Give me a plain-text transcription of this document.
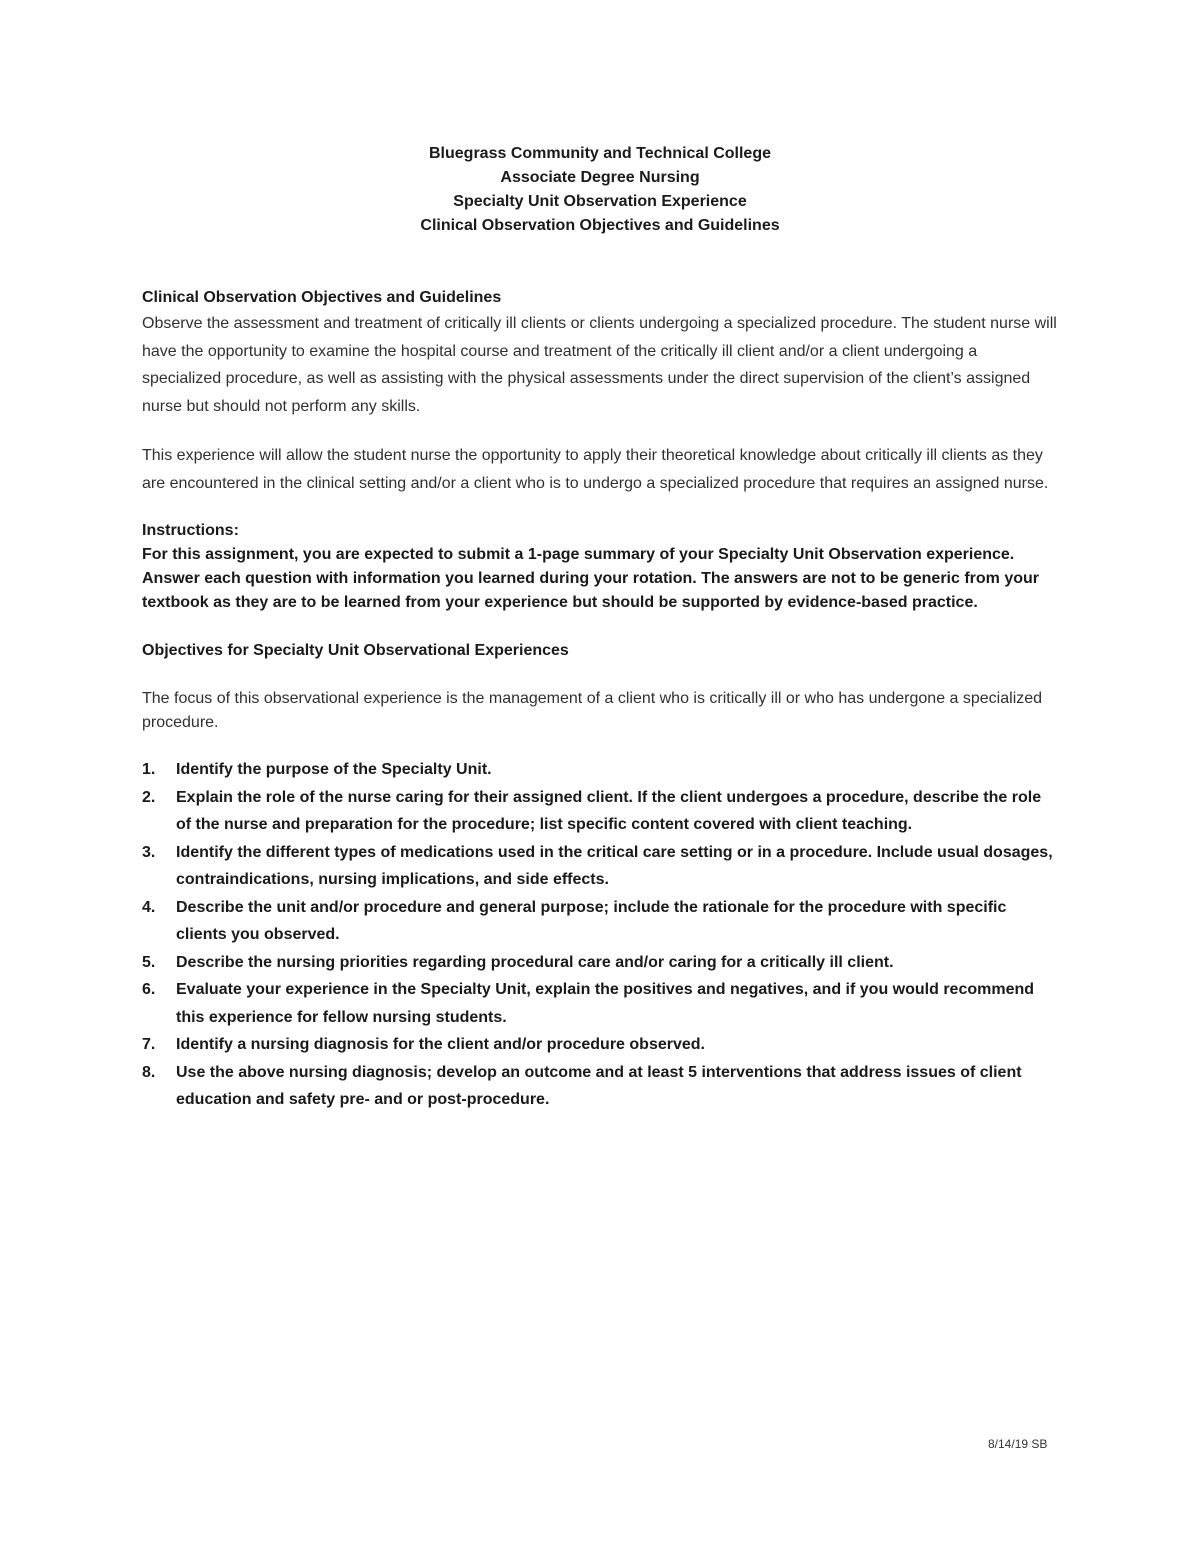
Bluegrass Community and Technical College
Associate Degree Nursing
Specialty Unit Observation Experience
Clinical Observation Objectives and Guidelines

Clinical Observation Objectives and Guidelines

Observe the assessment and treatment of critically ill clients or clients undergoing a specialized procedure. The student nurse will have the opportunity to examine the hospital course and treatment of the critically ill client and/or a client undergoing a specialized procedure, as well as assisting with the physical assessments under the direct supervision of the client’s assigned nurse but should not perform any skills.

This experience will allow the student nurse the opportunity to apply their theoretical knowledge about critically ill clients as they are encountered in the clinical setting and/or a client who is to undergo a specialized procedure that requires an assigned nurse.

Instructions:

For this assignment, you are expected to submit a 1-page summary of your Specialty Unit Observation experience. Answer each question with information you learned during your rotation. The answers are not to be generic from your textbook as they are to be learned from your experience but should be supported by evidence-based practice.

Objectives for Specialty Unit Observational Experiences

The focus of this observational experience is the management of a client who is critically ill or who has undergone a specialized procedure.

1. Identify the purpose of the Specialty Unit.
2. Explain the role of the nurse caring for their assigned client. If the client undergoes a procedure, describe the role of the nurse and preparation for the procedure; list specific content covered with client teaching.
3. Identify the different types of medications used in the critical care setting or in a procedure. Include usual dosages, contraindications, nursing implications, and side effects.
4. Describe the unit and/or procedure and general purpose; include the rationale for the procedure with specific clients you observed.
5. Describe the nursing priorities regarding procedural care and/or caring for a critically ill client.
6. Evaluate your experience in the Specialty Unit, explain the positives and negatives, and if you would recommend this experience for fellow nursing students.
7. Identify a nursing diagnosis for the client and/or procedure observed.
8. Use the above nursing diagnosis; develop an outcome and at least 5 interventions that address issues of client education and safety pre- and or post-procedure.
8/14/19 SB
